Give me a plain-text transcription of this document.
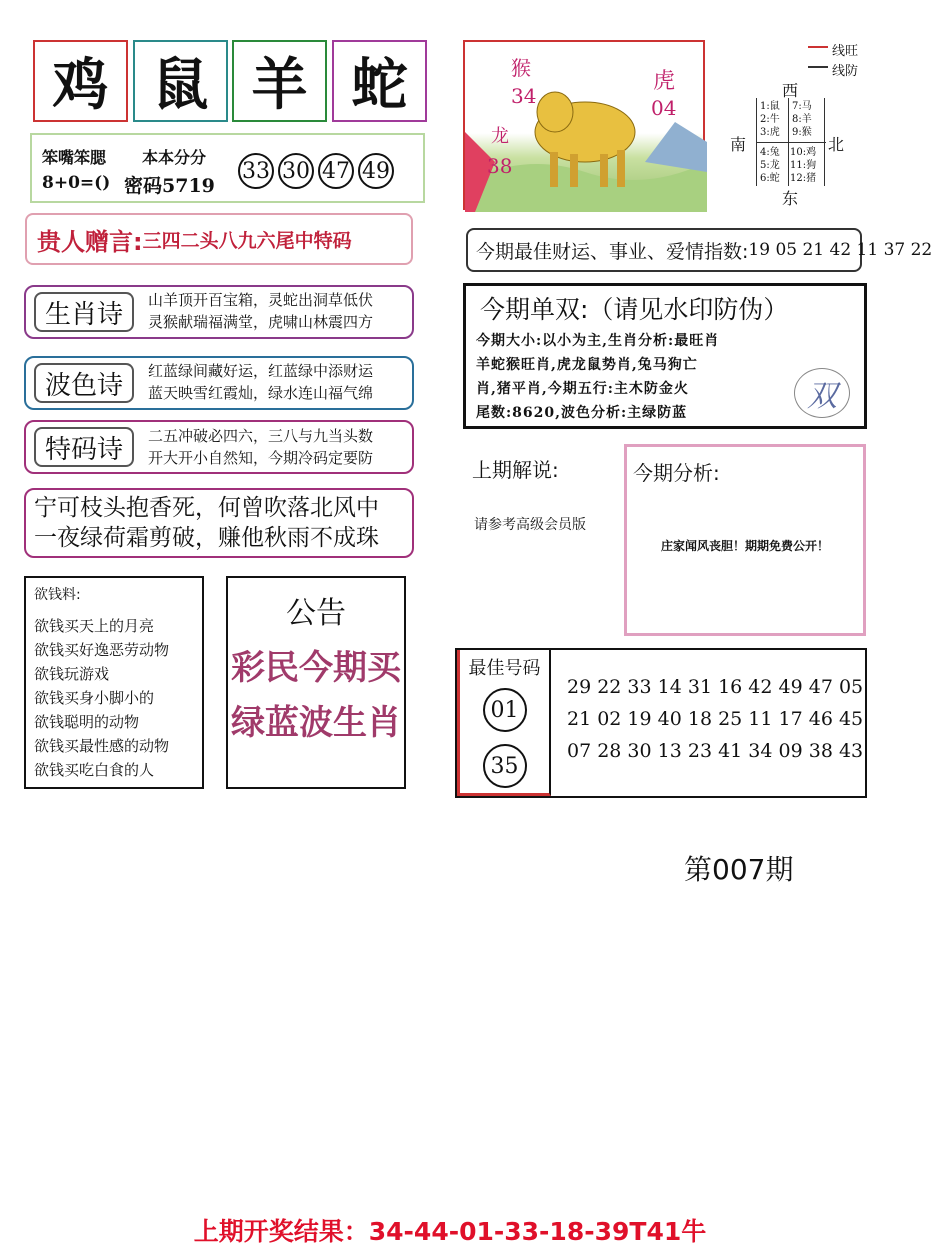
鸡 鼠 羊 蛇
笨嘴笨腮 本本分分
8+0=() 密码5719
33 30 47 49
贵人赠言: 三四二头八九六尾中特码
生肖诗	山羊顶开百宝箱，灵蛇出洞草低伏
灵猴献瑞福满堂，虎啸山林震四方
波色诗	红蓝绿间藏好运，红蓝绿中添财运
蓝天映雪红霞灿，绿水连山福气绵
特码诗	二五冲破必四六，三八与九当头数
开大开小自然知，今期冷码定要防
宁可枝头抱香死，何曾吹落北风中
一夜绿荷霜剪破，赚他秋雨不成珠
欲钱料:
欲钱买天上的月亮
欲钱买好逸恶劳动物
欲钱玩游戏
欲钱买身小脚小的
欲钱聪明的动物
欲钱买最性感的动物
欲钱买吃白食的人
公告
彩民今期买
绿蓝波生肖
猴
34
虎
04
龙
38
线旺
线防
西
南	北
东
1:鼠
2:牛
3:虎
7:马
8:羊
9:猴
4:兔
5:龙
6:蛇
10:鸡
11:狗
12:猪
今期最佳财运、事业、爱情指数: 19 05 21 42 11 37 22
今期单双:（请见水印防伪）
今期大小:以小为主,生肖分析:最旺肖
羊蛇猴旺肖,虎龙鼠势肖,兔马狗亡
肖,猪平肖,今期五行:主木防金火
尾数:8620,波色分析:主绿防蓝	双
上期解说:
请参考高级会员版
今期分析:
庄家闻风丧胆！期期免费公开！
最佳号码
01
35
29 22 33 14 31 16 42 49 47 05
21 02 19 40 18 25 11 17 46 45
07 28 30 13 23 41 34 09 38 43
第007期
上期开奖结果：34-44-01-33-18-39T41牛
